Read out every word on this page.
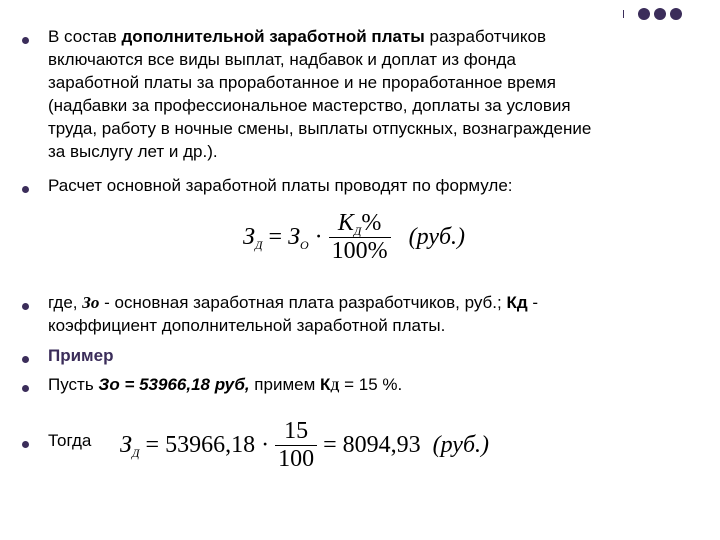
В состав дополнительной заработной платы разработчиков
включаются все виды выплат, надбавок и доплат из фонда
заработной платы за проработанное и не проработанное время
(надбавки за профессиональное мастерство, доплаты за условия
труда, работу в ночные смены, выплаты отпускных, вознаграждение
за выслугу лет и др.).
Расчет основной заработной платы проводят по формуле:
$З_Д = З_О \cdot \frac{К_Д\%}{100\%} (руб.)$
где, Зо - основная заработная плата разработчиков, руб.; Кд -
коэффициент дополнительной заработной платы.
Пример
Пусть Зо = 53966,18 руб, примем КД = 15 %.
Тогда	$З_Д = 53966,18 \cdot \frac{15}{100} = 8094,93$ (руб.)
